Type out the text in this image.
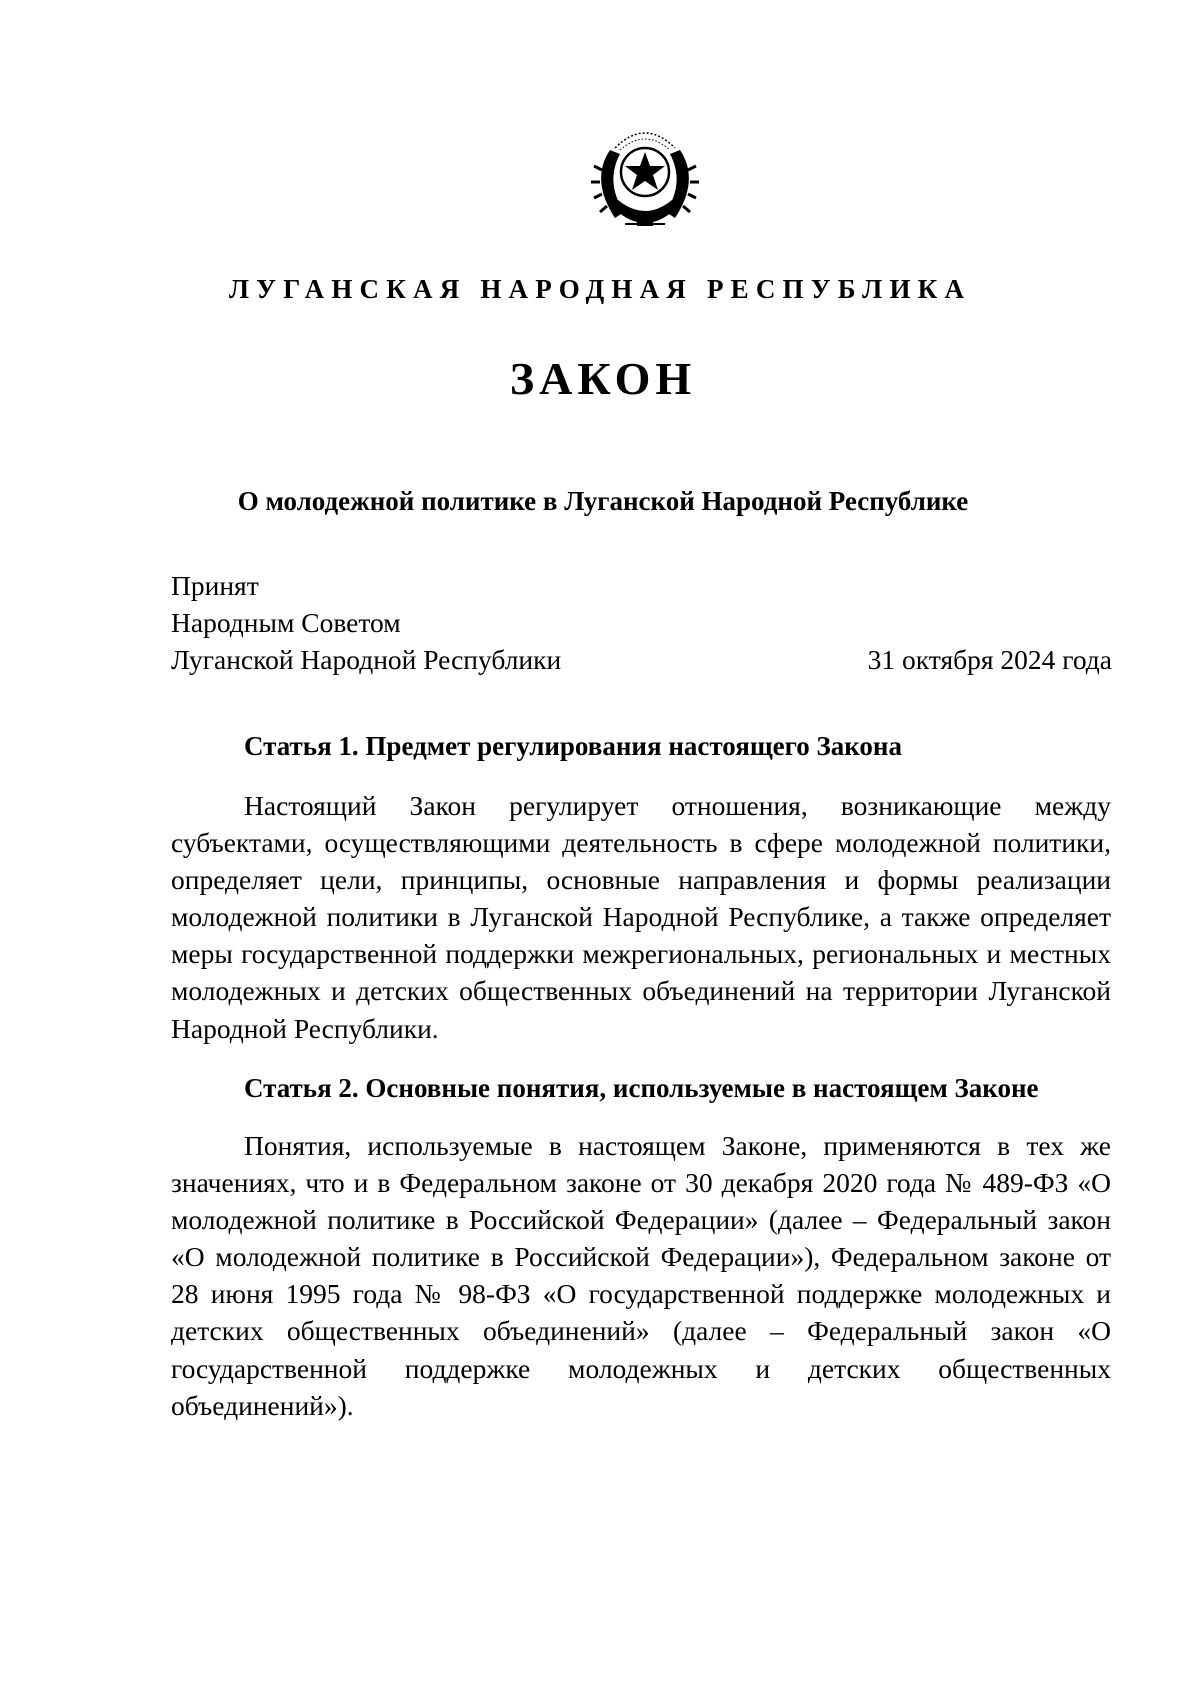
ЛУГАНСКАЯ НАРОДНАЯ РЕСПУБЛИКА
ЗАКОН
О молодежной политике в Луганской Народной Республике
Принят
Народным Советом
Луганской Народной Республики	31 октября 2024 года
Статья 1. Предмет регулирования настоящего Закона
Настоящий Закон регулирует отношения, возникающие между субъектами, осуществляющими деятельность в сфере молодежной политики, определяет цели, принципы, основные направления и формы реализации молодежной политики в Луганской Народной Республике, а также определяет меры государственной поддержки межрегиональных, региональных и местных молодежных и детских общественных объединений на территории Луганской Народной Республики.
Статья 2. Основные понятия, используемые в настоящем Законе
Понятия, используемые в настоящем Законе, применяются в тех же значениях, что и в Федеральном законе от 30 декабря 2020 года № 489-ФЗ «О молодежной политике в Российской Федерации» (далее – Федеральный закон «О молодежной политике в Российской Федерации»), Федеральном законе от 28 июня 1995 года № 98-ФЗ «О государственной поддержке молодежных и детских общественных объединений» (далее – Федеральный закон «О государственной поддержке молодежных и детских общественных объединений»).
